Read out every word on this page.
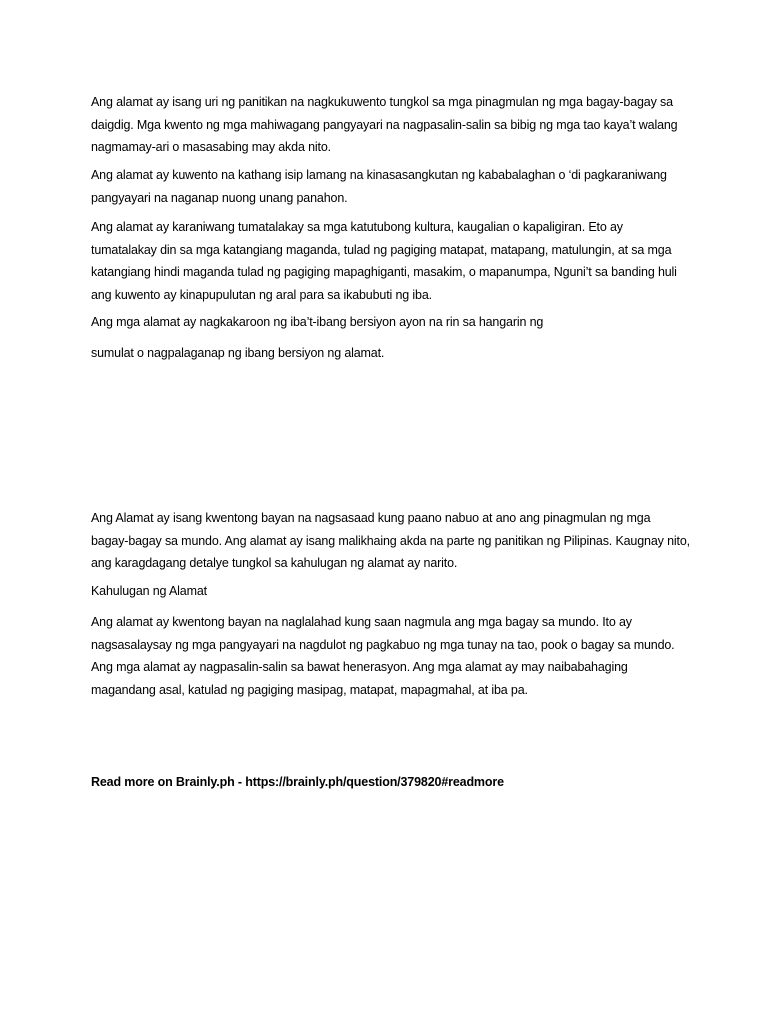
Ang alamat ay isang uri ng panitikan na nagkukuwento tungkol sa mga pinagmulan ng mga bagay-bagay sa daigdig. Mga kwento ng mga mahiwagang pangyayari na nagpasalin-salin sa bibig ng mga tao kaya’t walang nagmamay-ari o masasabing may akda nito.

Ang alamat ay kuwento na kathang isip lamang na kinasasangkutan ng kababalaghan o ‘di pagkaraniwang pangyayari na naganap nuong unang panahon.

Ang alamat ay karaniwang tumatalakay sa mga katutubong kultura, kaugalian o kapaligiran. Eto ay tumatalakay din sa mga katangiang maganda, tulad ng pagiging matapat, matapang, matulungin, at sa mga katangiang hindi maganda tulad ng pagiging mapaghiganti, masakim, o mapanumpa, Nguni’t sa banding huli ang kuwento ay kinapupulutan ng aral para sa ikabubuti ng iba.

Ang mga alamat ay nagkakaroon ng iba’t-ibang bersiyon ayon na rin sa hangarin ng

sumulat o nagpalaganap ng ibang bersiyon ng alamat.

Ang Alamat ay isang kwentong bayan na nagsasaad kung paano nabuo at ano ang pinagmulan ng mga bagay-bagay sa mundo. Ang alamat ay isang malikhaing akda na parte ng panitikan ng Pilipinas. Kaugnay nito, ang karagdagang detalye tungkol sa kahulugan ng alamat ay narito.

Kahulugan ng Alamat

Ang alamat ay kwentong bayan na naglalahad kung saan nagmula ang mga bagay sa mundo. Ito ay nagsasalaysay ng mga pangyayari na nagdulot ng pagkabuo ng mga tunay na tao, pook o bagay sa mundo. Ang mga alamat ay nagpasalin-salin sa bawat henerasyon. Ang mga alamat ay may naibabahaging magandang asal, katulad ng pagiging masipag, matapat, mapagmahal, at iba pa.

Read more on Brainly.ph - https://brainly.ph/question/379820#readmore
